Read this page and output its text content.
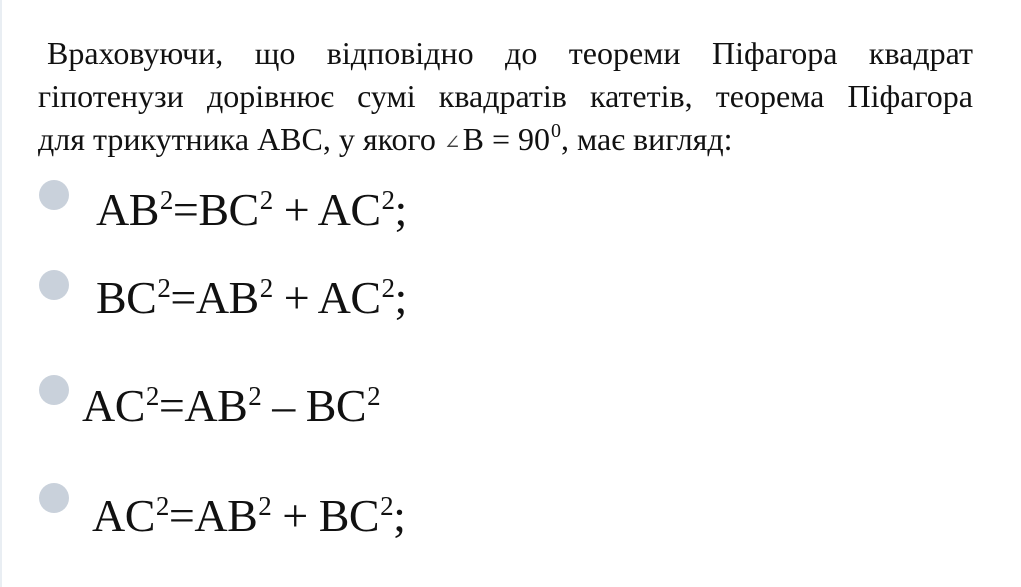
Враховуючи, що відповідно до теореми Піфагора квадрат
гіпотенузи дорівнює сумі квадратів катетів, теорема Піфагора
для трикутника АВС, у якого ∠B = $90^0$, має вигляд:
$AB^2=BC^2 + AC^2$;
$BC^2=AB^2 + AC^2$;
$AC^2=AB^2 - BC^2$
$AC^2=AB^2 + BC^2$;
